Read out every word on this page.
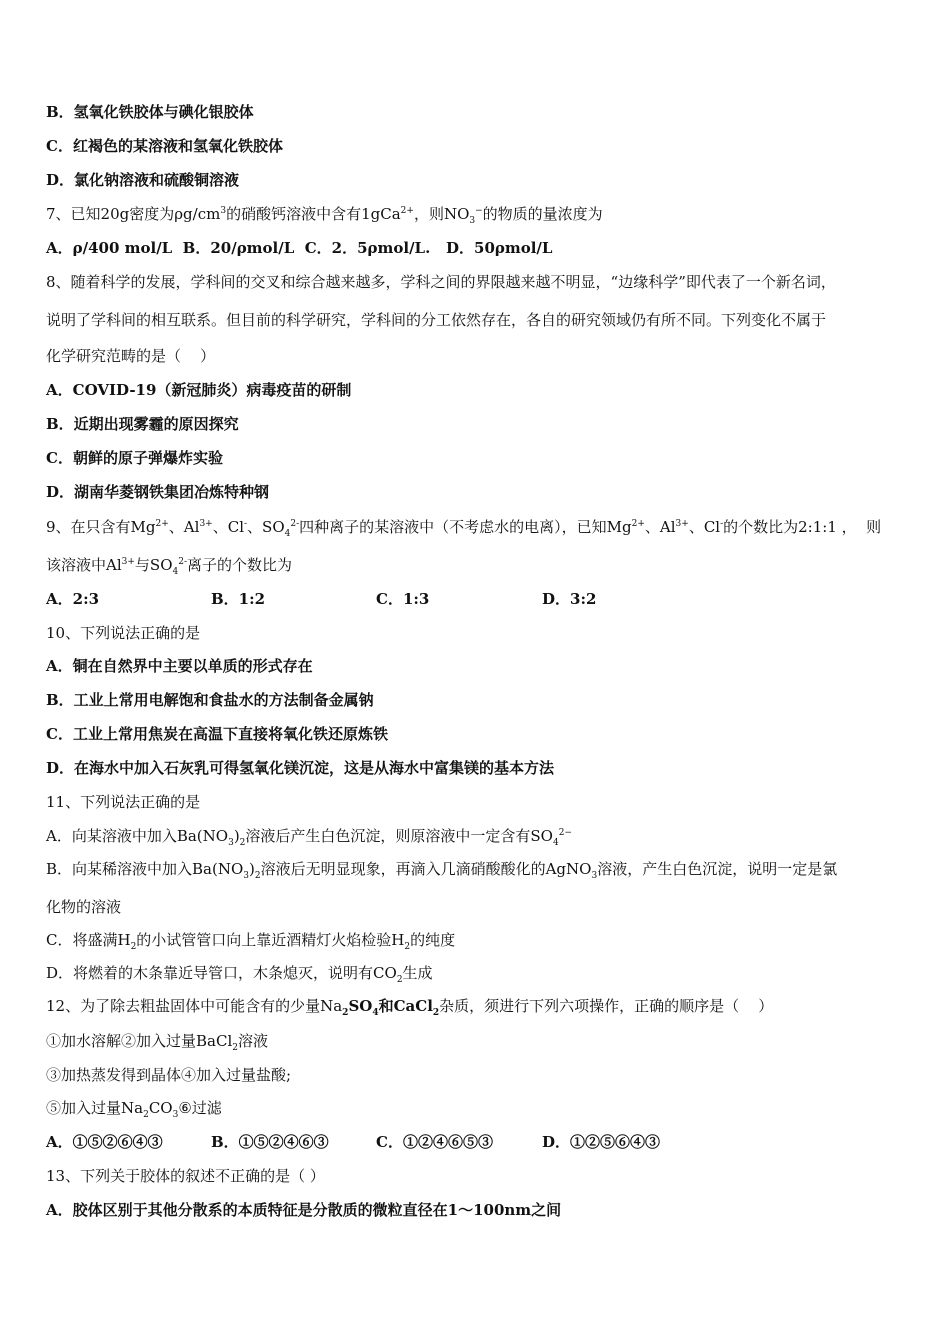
B．氢氧化铁胶体与碘化银胶体
C．红褐色的某溶液和氢氧化铁胶体
D．氯化钠溶液和硫酸铜溶液
7、已知20g密度为$\rho g/cm^3$的硝酸钙溶液中含有1gCa$^{2+}$，则$NO_3^-$的物质的量浓度为
A．ρ/400 mol/L  B．20/ρmol/L  C．2．5ρmol/L.   D．50ρmol/L
8、随着科学的发展，学科间的交叉和综合越来越多，学科之间的界限越来越不明显，“边缘科学”即代表了一个新名词，
说明了学科间的相互联系。但目前的科学研究，学科间的分工依然存在，各自的研究领域仍有所不同。下列变化不属于
化学研究范畴的是（    ）
A．COVID-19（新冠肺炎）病毒疫苗的研制
B．近期出现雾霾的原因探究
C．朝鲜的原子弹爆炸实验
D．湖南华菱钢铁集团冶炼特种钢
9、在只含有$Mg^{2+}$、$Al^{3+}$、Cl-、$SO_4^{2-}$四种离子的某溶液中（不考虑水的电离），已知$Mg^{2+}$、$Al^{3+}$、Cl-的个数比为2:1:1 ，  则
该溶液中$Al^{3+}$与$SO_4^{2-}$离子的个数比为
A．2:3	B．1:2	C．1:3	D．3:2
10、下列说法正确的是
A．铜在自然界中主要以单质的形式存在
B．工业上常用电解饱和食盐水的方法制备金属钠
C．工业上常用焦炭在高温下直接将氧化铁还原炼铁
D．在海水中加入石灰乳可得氢氧化镁沉淀，这是从海水中富集镁的基本方法
11、下列说法正确的是
A．向某溶液中加入$Ba(NO_3)_2$溶液后产生白色沉淀，则原溶液中一定含有$SO_4^{2-}$
B．向某稀溶液中加入$Ba(NO_3)_2$溶液后无明显现象，再滴入几滴硝酸酸化的AgNO$_3$溶液，产生白色沉淀，说明一定是氯
化物的溶液
C．将盛满$H_2$的小试管管口向上靠近酒精灯火焰检验$H_2$的纯度
D．将燃着的木条靠近导管口，木条熄灭，说明有$CO_2$生成
12、为了除去粗盐固体中可能含有的少量$Na_2SO_4$和CaCl$_2$杂质，须进行下列六项操作，正确的顺序是（    ）
①加水溶解②加入过量BaCl$_2$溶液
③加热蒸发得到晶体④加入过量盐酸;
⑤加入过量$Na_2CO_3⑥$过滤
A．①⑤②⑥④③	B．①⑤②④⑥③	C．①②④⑥⑤③	D．①②⑤⑥④③
13、下列关于胶体的叙述不正确的是（ ）
A．胶体区别于其他分散系的本质特征是分散质的微粒直径在1～100nm之间
